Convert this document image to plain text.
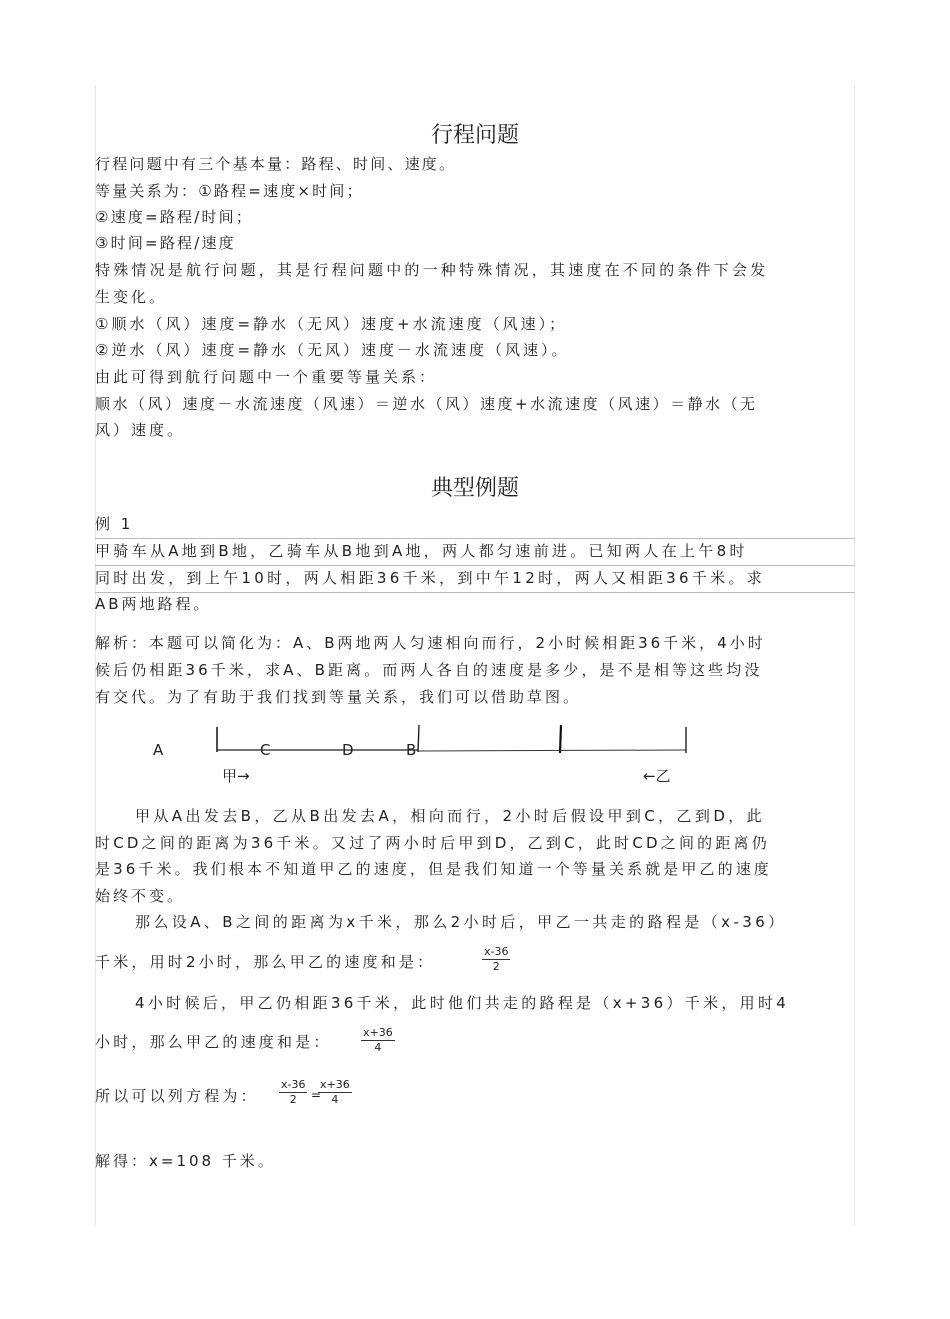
行程问题
行程问题中有三个基本量：路程、时间、速度。
等量关系为：①路程=速度×时间；
②速度=路程/时间；
③时间=路程/速度
特殊情况是航行问题，其是行程问题中的一种特殊情况，其速度在不同的条件下会发
生变化。
①顺水（风）速度=静水（无风）速度+水流速度（风速）；
②逆水（风）速度=静水（无风）速度－水流速度（风速）。
由此可得到航行问题中一个重要等量关系：
顺水（风）速度－水流速度（风速）＝逆水（风）速度+水流速度（风速）＝静水（无
风）速度。
典型例题
例 1
甲骑车从A地到B地，乙骑车从B地到A地，两人都匀速前进。已知两人在上午8时
同时出发，到上午10时，两人相距36千米，到中午12时，两人又相距36千米。求
AB两地路程。
解析：本题可以简化为：A、B两地两人匀速相向而行，2小时候相距36千米，4小时
候后仍相距36千米，求A、B距离。而两人各自的速度是多少，是不是相等这些均没
有交代。为了有助于我们找到等量关系，我们可以借助草图。
A	C	D	B
甲→	←乙
甲从A出发去B，乙从B出发去A，相向而行，2小时后假设甲到C，乙到D，此
时CD之间的距离为36千米。又过了两小时后甲到D，乙到C，此时CD之间的距离仍
是36千米。我们根本不知道甲乙的速度，但是我们知道一个等量关系就是甲乙的速度
始终不变。
那么设A、B之间的距离为x千米，那么2小时后，甲乙一共走的路程是（x-36）
千米，用时2小时，那么甲乙的速度和是：	$\frac{x-36}{2}$
4小时候后，甲乙仍相距36千米，此时他们共走的路程是（x+36）千米，用时4
小时，那么甲乙的速度和是：	$\frac{x+36}{4}$
所以可以列方程为：	$\frac{x-36}{2}$ =
$\frac{x+36}{4}$
解得：x=108 千米。
